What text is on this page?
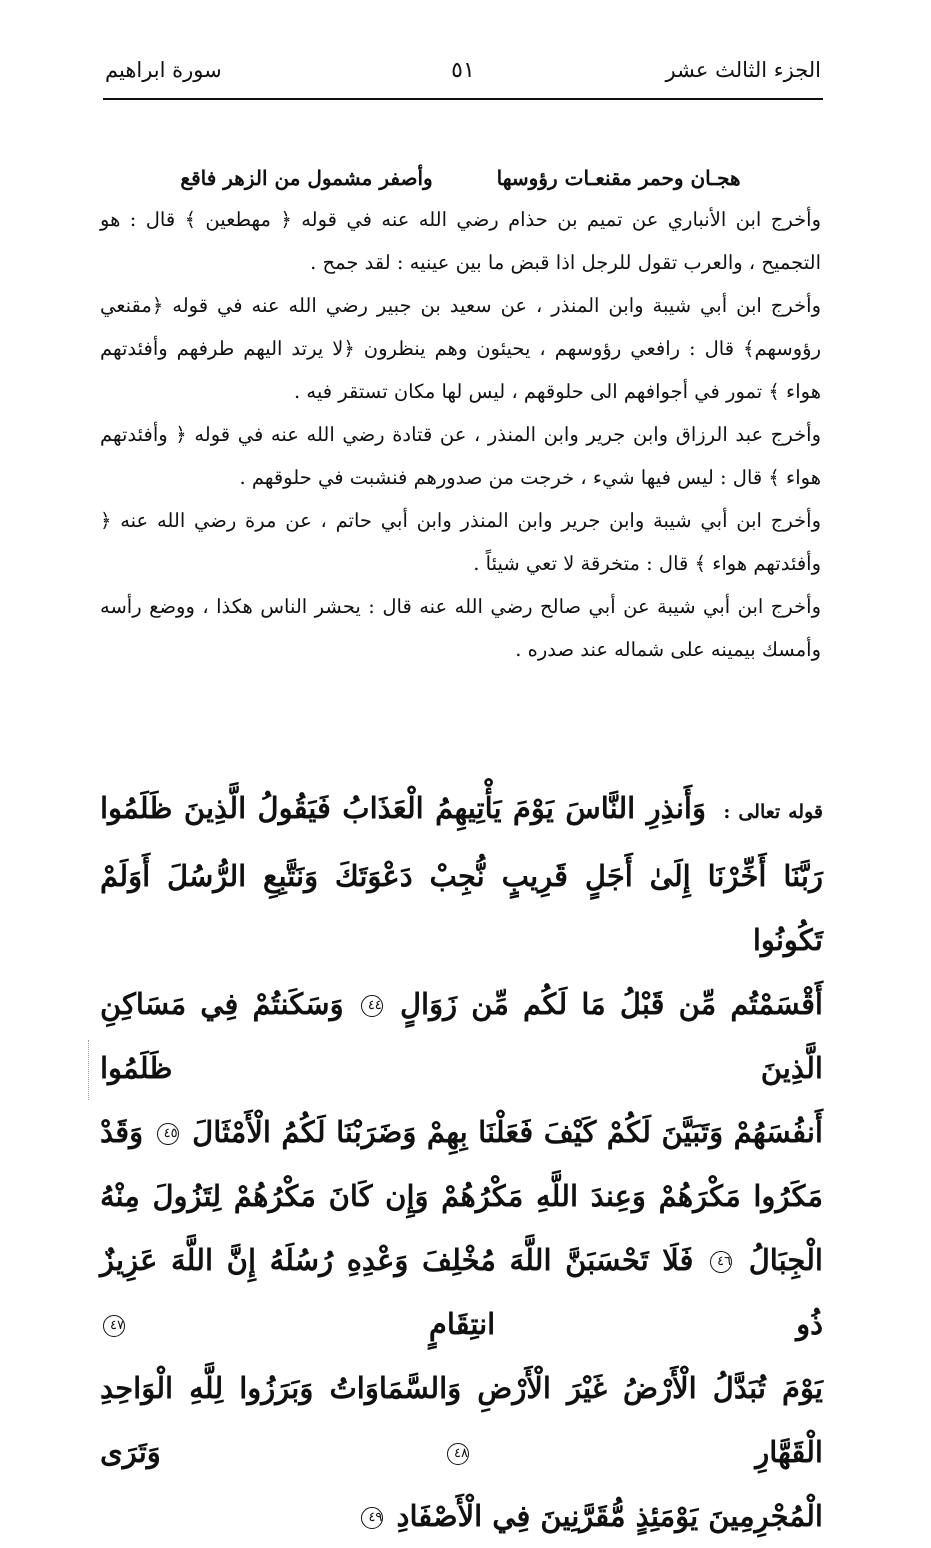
الجزء الثالث عشر
٥١
سورة ابراهيم
هجـان وحمر مقنعـات رؤوسها  وأصفر مشمول من الزهر فاقع

وأخرج ابن الأنباري عن تميم بن حذام رضي الله عنه في قوله ﴿ مهطعين ﴾ قال : هو التجميح ، والعرب تقول للرجل اذا قبض ما بين عينيه : لقد جمح .

وأخرج ابن أبي شيبة وابن المنذر ، عن سعيد بن جبير رضي الله عنه في قوله ﴿مقنعي رؤوسهم﴾ قال : رافعي رؤوسهم ، يحيئون وهم ينظرون ﴿لا يرتد اليهم طرفهم وأفئدتهم هواء ﴾ تمور في أجوافهم الى حلوقهم ، ليس لها مكان تستقر فيه .

وأخرج عبد الرزاق وابن جرير وابن المنذر ، عن قتادة رضي الله عنه في قوله ﴿ وأفئدتهم هواء ﴾ قال : ليس فيها شيء ، خرجت من صدورهم فنشبت في حلوقهم .

وأخرج ابن أبي شيبة وابن جرير وابن المنذر وابن أبي حاتم ، عن مرة رضي الله عنه ﴿ وأفئدتهم هواء ﴾ قال : متخرقة لا تعي شيئاً .

وأخرج ابن أبي شيبة عن أبي صالح رضي الله عنه قال : يحشر الناس هكذا ، ووضع رأسه وأمسك بيمينه على شماله عند صدره .

قوله تعالى : وَأَنذِرِ النَّاسَ يَوْمَ يَأْتِيهِمُ الْعَذَابُ فَيَقُولُ الَّذِينَ ظَلَمُوا
رَبَّنَا أَخِّرْنَا إِلَىٰ أَجَلٍ قَرِيبٍ نُّجِبْ دَعْوَتَكَ وَنَتَّبِعِ الرُّسُلَ أَوَلَمْ تَكُونُوا
أَقْسَمْتُم مِّن قَبْلُ مَا لَكُم مِّن زَوَالٍ ٤٤ وَسَكَنتُمْ فِي مَسَاكِنِ الَّذِينَ ظَلَمُوا
أَنفُسَهُمْ وَتَبَيَّنَ لَكُمْ كَيْفَ فَعَلْنَا بِهِمْ وَضَرَبْنَا لَكُمُ الْأَمْثَالَ ٤٥ وَقَدْ
مَكَرُوا مَكْرَهُمْ وَعِندَ اللَّهِ مَكْرُهُمْ وَإِن كَانَ مَكْرُهُمْ لِتَزُولَ مِنْهُ
الْجِبَالُ ٤٦ فَلَا تَحْسَبَنَّ اللَّهَ مُخْلِفَ وَعْدِهِ رُسُلَهُ إِنَّ اللَّهَ عَزِيزٌ ذُو انتِقَامٍ ٤٧
يَوْمَ تُبَدَّلُ الْأَرْضُ غَيْرَ الْأَرْضِ وَالسَّمَاوَاتُ وَبَرَزُوا لِلَّهِ الْوَاحِدِ الْقَهَّارِ ٤٨ وَتَرَى
الْمُجْرِمِينَ يَوْمَئِذٍ مُّقَرَّنِينَ فِي الْأَصْفَادِ ٤٩
